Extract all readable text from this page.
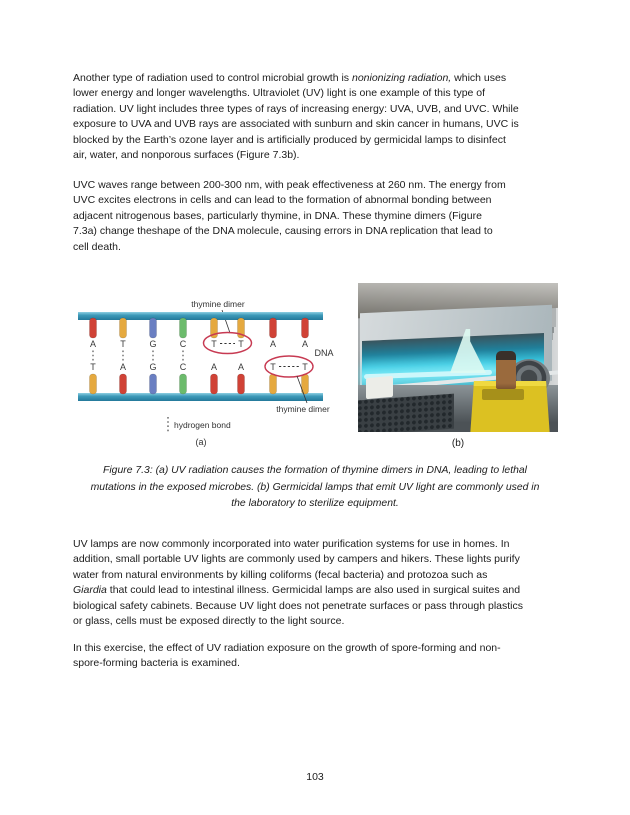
Another type of radiation used to control microbial growth is nonionizing radiation, which uses
lower energy and longer wavelengths. Ultraviolet (UV) light is one example of this type of
radiation. UV light includes three types of rays of increasing energy: UVA, UVB, and UVC. While
exposure to UVA and UVB rays are associated with sunburn and skin cancer in humans, UVC is
blocked by the Earth’s ozone layer and is artificially produced by germicidal lamps to disinfect
air, water, and nonporous surfaces (Figure 7.3b).
UVC waves range between 200-300 nm, with peak effectiveness at 260 nm. The energy from
UVC excites electrons in cells and can lead to the formation of abnormal bonding between
adjacent nitrogenous bases, particularly thymine, in DNA. These thymine dimers (Figure
7.3a) change theshape of the DNA molecule, causing errors in DNA replication that lead to
cell death.
thymine dimer
A	T	G	C	T T	A	A
T	A	G	C	A A	T	T
thymine dimer
DNA
hydrogen bond
(a)	(b)
Figure 7.3: (a) UV radiation causes the formation of thymine dimers in DNA, leading to lethal
mutations in the exposed microbes. (b) Germicidal lamps that emit UV light are commonly used in
the laboratory to sterilize equipment.
UV lamps are now commonly incorporated into water purification systems for use in homes. In
addition, small portable UV lights are commonly used by campers and hikers. These lights purify
water from natural environments by killing coliforms (fecal bacteria) and protozoa such as
Giardia that could lead to intestinal illness. Germicidal lamps are also used in surgical suites and
biological safety cabinets. Because UV light does not penetrate surfaces or pass through plastics
or glass, cells must be exposed directly to the light source.
In this exercise, the effect of UV radiation exposure on the growth of spore-forming and non-
spore-forming bacteria is examined.
103
